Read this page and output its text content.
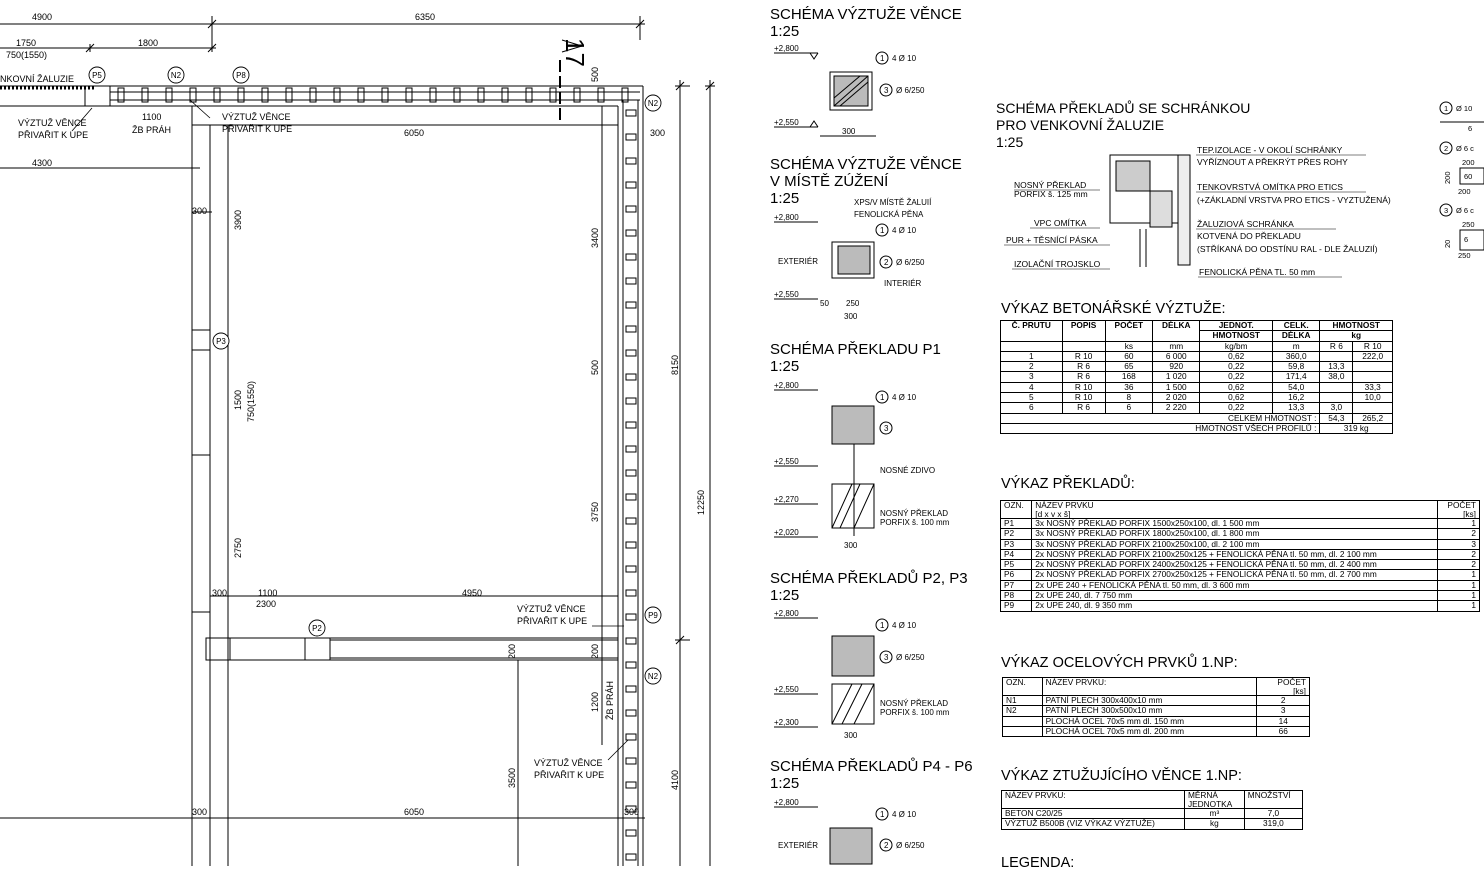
4900	6350
1750	1800
750(1550)
1100
6050
4300
300
300
3900
3400
500
500	8150
1500 750(1550)
3750
2750
12250
300	1100
2300
4950
200	200
1200
3500	4100
300	6050	300
NKOVNÍ ŽALUZIE
VÝZTUŽ VĚNCE
PŘIVAŘIT K UPE	ŽB PRÁH
VÝZTUŽ VĚNCE
PŘIVAŘIT K UPE
VÝZTUŽ VĚNCE
PŘIVAŘIT K UPE
VÝZTUŽ VĚNCE
PŘIVAŘIT K UPE
ŽB PRÁH
17
P5	N2	P8
N2
P3
P2
P9
N2
SCHÉMA VÝZTUŽE VĚNCE
1:25
+2,800
+2,550
300
1 4 Ø 10
3 Ø 6/250
SCHÉMA VÝZTUŽE VĚNCE
V MÍSTĚ ZÚŽENÍ
1:25	XPS/V MÍSTĚ ŽALUIÍ
FENOLICKÁ PĚNA
+2,800
EXTERIÉR
INTERIÉR
+2,550
50 250
300
1 4 Ø 10
2 Ø 6/250
SCHÉMA PŘEKLADU P1
1:25
+2,800
+2,550
NOSNÉ ZDIVO
+2,270
NOSNÝ PŘEKLAD
PORFIX š. 100 mm
+2,020
300
1 4 Ø 10
3
SCHÉMA PŘEKLADŮ P2, P3
1:25
+2,800
+2,550
NOSNÝ PŘEKLAD
PORFIX š. 100 mm
+2,300
300
1 4 Ø 10
3 Ø 6/250
SCHÉMA PŘEKLADŮ P4 - P6
1:25
+2,800
EXTERIÉR
1 4 Ø 10
2 Ø 6/250
SCHÉMA PŘEKLADŮ SE SCHRÁNKOU
PRO VENKOVNÍ ŽALUZIE
1:25
NOSNÝ PŘEKLAD
PORFIX š. 125 mm
VPC OMÍTKA
PUR + TĚSNÍCÍ PÁSKA
IZOLAČNÍ TROJSKLO
TEP.IZOLACE - V OKOLÍ SCHRÁNKY
VYŘÍZNOUT A PŘEKRÝT PŘES ROHY
TENKOVRSTVÁ OMÍTKA PRO ETICS
(+ZÁKLADNÍ VRSTVA PRO ETICS - VYZTUŽENÁ)
ŽALUZIOVÁ SCHRÁNKA
KOTVENÁ DO PŘEKLADU
(STŘÍKANÁ DO ODSTÍNU RAL - DLE ŽALUZIÍ)
FENOLICKÁ PĚNA TL. 50 mm
1 Ø 10
6
2 Ø 6 c
200
60
200
200
3 Ø 6 c
250
6
20
250
VÝKAZ BETONÁŘSKÉ VÝZTUŽE:
Č. PRUTU	POPIS	POČET	DÉLKA	JEDNOT.	CELK.	HMOTNOST	
				HMOTNOST	DÉLKA	kg	
		ks	mm	kg/bm	m	R 6	R 10
1	R 10	60	6 000	0,62	360,0		222,0
2	R 6	65	920	0,22	59,8	13,3	
3	R 6	168	1 020	0,22	171,4	38,0	
4	R 10	36	1 500	0,62	54,0		33,3
5	R 10	8	2 020	0,62	16,2		10,0
6	R 6	6	2 220	0,22	13,3	3,0	
CELKEM HMOTNOST :						54,3	265,2
HMOTNOST VŠECH PROFILŮ :						319 kg	
VÝKAZ PŘEKLADŮ:
OZN.	NÁZEV PRVKU
[d x v x š]	POČET
[ks]
P1	3x NOSNÝ PŘEKLAD PORFIX 1500x250x100, dl. 1 500 mm	1
P2	3x NOSNÝ PŘEKLAD PORFIX 1800x250x100, dl. 1 800 mm	2
P3	3x NOSNÝ PŘEKLAD PORFIX 2100x250x100, dl. 2 100 mm	3
P4	2x NOSNÝ PŘEKLAD PORFIX 2100x250x125 + FENOLICKÁ PĚNA tl. 50 mm, dl. 2 100 mm	2
P5	2x NOSNÝ PŘEKLAD PORFIX 2400x250x125 + FENOLICKÁ PĚNA tl. 50 mm, dl. 2 400 mm	2
P6	2x NOSNÝ PŘEKLAD PORFIX 2700x250x125 + FENOLICKÁ PĚNA tl. 50 mm, dl. 2 700 mm	1
P7	2x UPE 240 + FENOLICKÁ PĚNA tl. 50 mm, dl. 3 600 mm	1
P8	2x UPE 240, dl. 7 750 mm	1
P9	2x UPE 240, dl. 9 350 mm	1
VÝKAZ OCELOVÝCH PRVKŮ 1.NP:
OZN.	NÁZEV PRVKU:	POČET
[ks]
N1	PATNÍ PLECH 300x400x10 mm	2
N2	PATNÍ PLECH 300x500x10 mm	3
	PLOCHÁ OCEL 70x5 mm dl. 150 mm	14
	PLOCHÁ OCEL 70x5 mm dl. 200 mm	66
VÝKAZ ZTUŽUJÍCÍHO VĚNCE 1.NP:
NÁZEV PRVKU:	MĚRNÁ
JEDNOTKA	MNOŽSTVÍ
BETON C20/25	m³	7,0
VÝZTUŽ B500B (VIZ VÝKAZ VÝZTUŽE)	kg	319,0
LEGENDA:
